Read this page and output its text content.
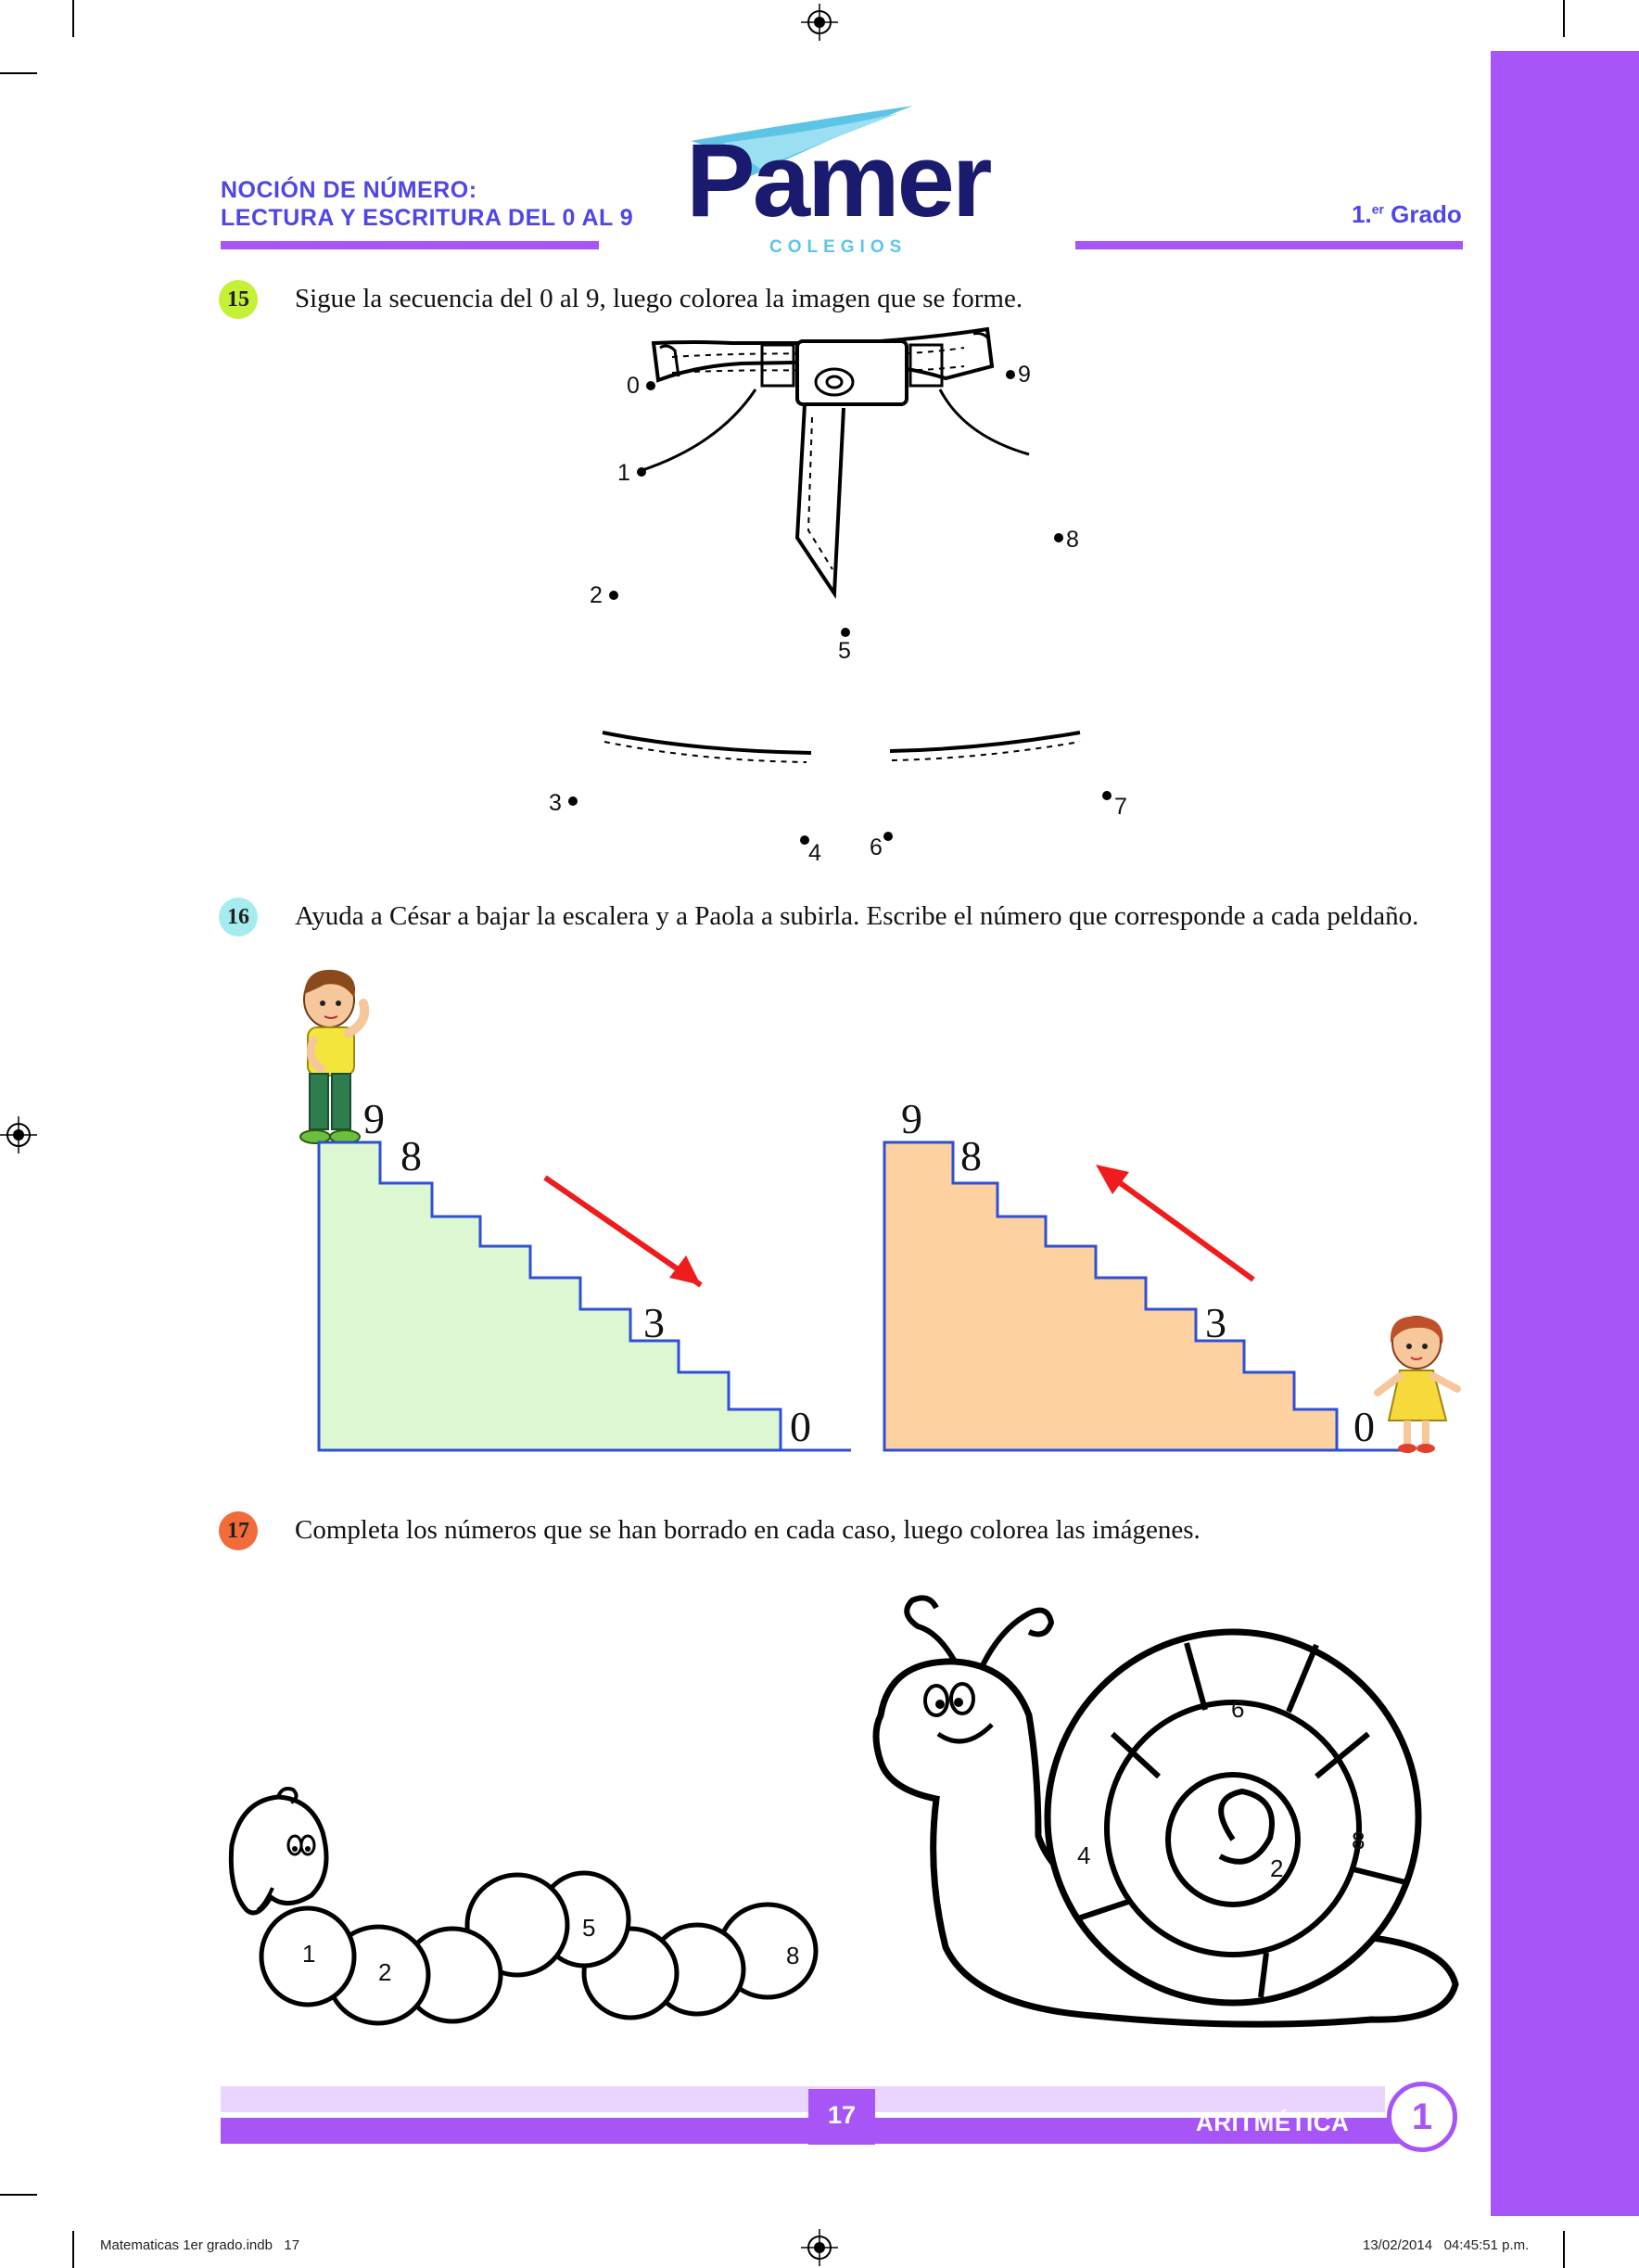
NOCIÓN DE NÚMERO:
LECTURA Y ESCRITURA DEL 0 AL 9 Pamer
COLEGIOS
1.$^{er}$ Grado
15	Sigue la secuencia del 0 al 9, luego colorea la imagen que se forme.
0
1
2
3
4
5
6
7
8
9
16	Ayuda a César a bajar la escalera y a Paola a subirla. Escribe el número que corresponde a cada peldaño.
9
8
3
0
9
8
3
0
17	Completa los números que se han borrado en cada caso, luego colorea las imágenes.
1
2
5
8
6
4	2
8
17	ARITMÉTICA	1
Matematicas 1er grado.indb   17	13/02/2014   04:45:51 p.m.
